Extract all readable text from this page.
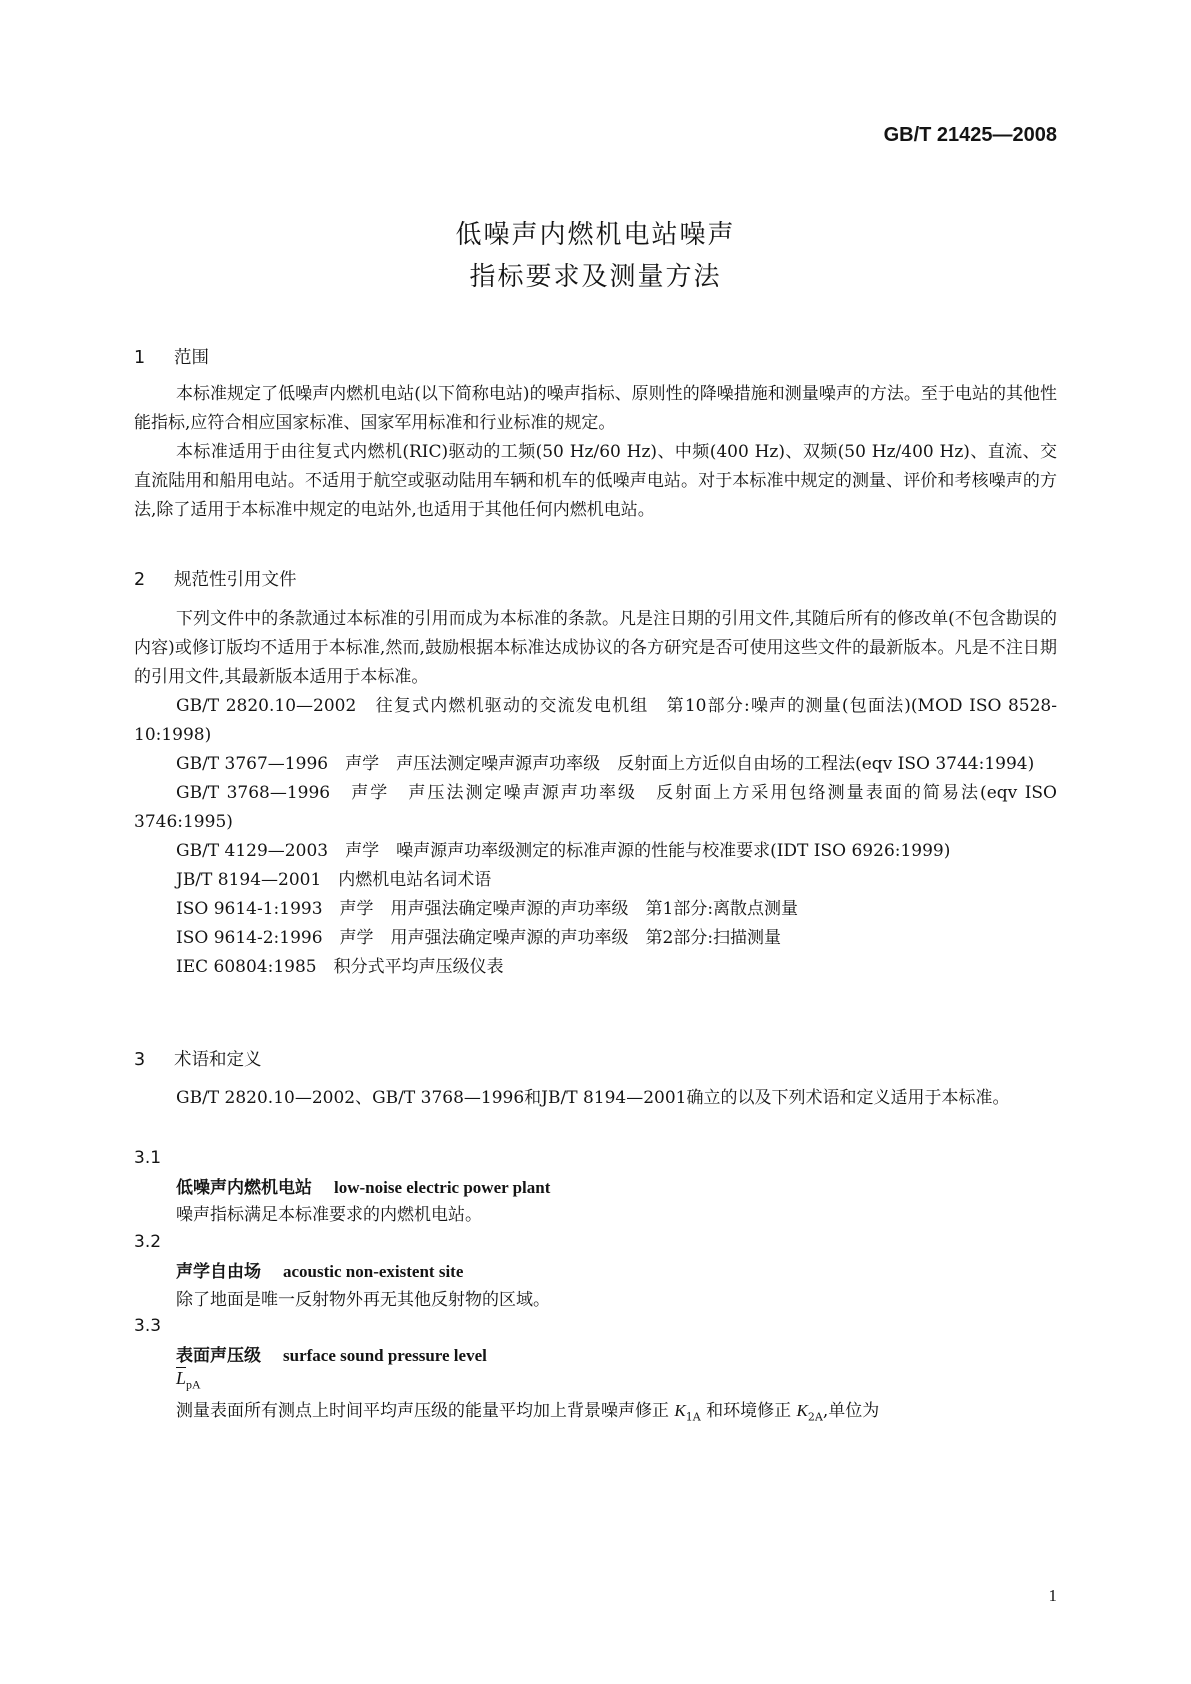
GB/T 21425—2008
低噪声内燃机电站噪声
指标要求及测量方法
1 范围

本标准规定了低噪声内燃机电站(以下简称电站)的噪声指标、原则性的降噪措施和测量噪声的方法。至于电站的其他性能指标,应符合相应国家标准、国家军用标准和行业标准的规定。

本标准适用于由往复式内燃机(RIC)驱动的工频(50 Hz/60 Hz)、中频(400 Hz)、双频(50 Hz/400 Hz)、直流、交直流陆用和船用电站。不适用于航空或驱动陆用车辆和机车的低噪声电站。对于本标准中规定的测量、评价和考核噪声的方法,除了适用于本标准中规定的电站外,也适用于其他任何内燃机电站。

2 规范性引用文件

下列文件中的条款通过本标准的引用而成为本标准的条款。凡是注日期的引用文件,其随后所有的修改单(不包含勘误的内容)或修订版均不适用于本标准,然而,鼓励根据本标准达成协议的各方研究是否可使用这些文件的最新版本。凡是不注日期的引用文件,其最新版本适用于本标准。

GB/T 2820.10—2002　往复式内燃机驱动的交流发电机组　第10部分:噪声的测量(包面法)(MOD ISO 8528-10:1998)

GB/T 3767—1996　声学　声压法测定噪声源声功率级　反射面上方近似自由场的工程法(eqv ISO 3744:1994)

GB/T 3768—1996　声学　声压法测定噪声源声功率级　反射面上方采用包络测量表面的简易法(eqv ISO 3746:1995)

GB/T 4129—2003　声学　噪声源声功率级测定的标准声源的性能与校准要求(IDT ISO 6926:1999)

JB/T 8194—2001　内燃机电站名词术语

ISO 9614-1:1993　声学　用声强法确定噪声源的声功率级　第1部分:离散点测量

ISO 9614-2:1996　声学　用声强法确定噪声源的声功率级　第2部分:扫描测量

IEC 60804:1985　积分式平均声压级仪表

3 术语和定义

GB/T 2820.10—2002、GB/T 3768—1996和JB/T 8194—2001确立的以及下列术语和定义适用于本标准。

3.1
低噪声内燃机电站 low-noise electric power plant
噪声指标满足本标准要求的内燃机电站。
3.2
声学自由场 acoustic non-existent site
除了地面是唯一反射物外再无其他反射物的区域。
3.3
表面声压级 surface sound pressure level
$\overline{L}_{pA}$
测量表面所有测点上时间平均声压级的能量平均加上背景噪声修正 $K_{1A}$ 和环境修正 $K_{2A}$,单位为
1
